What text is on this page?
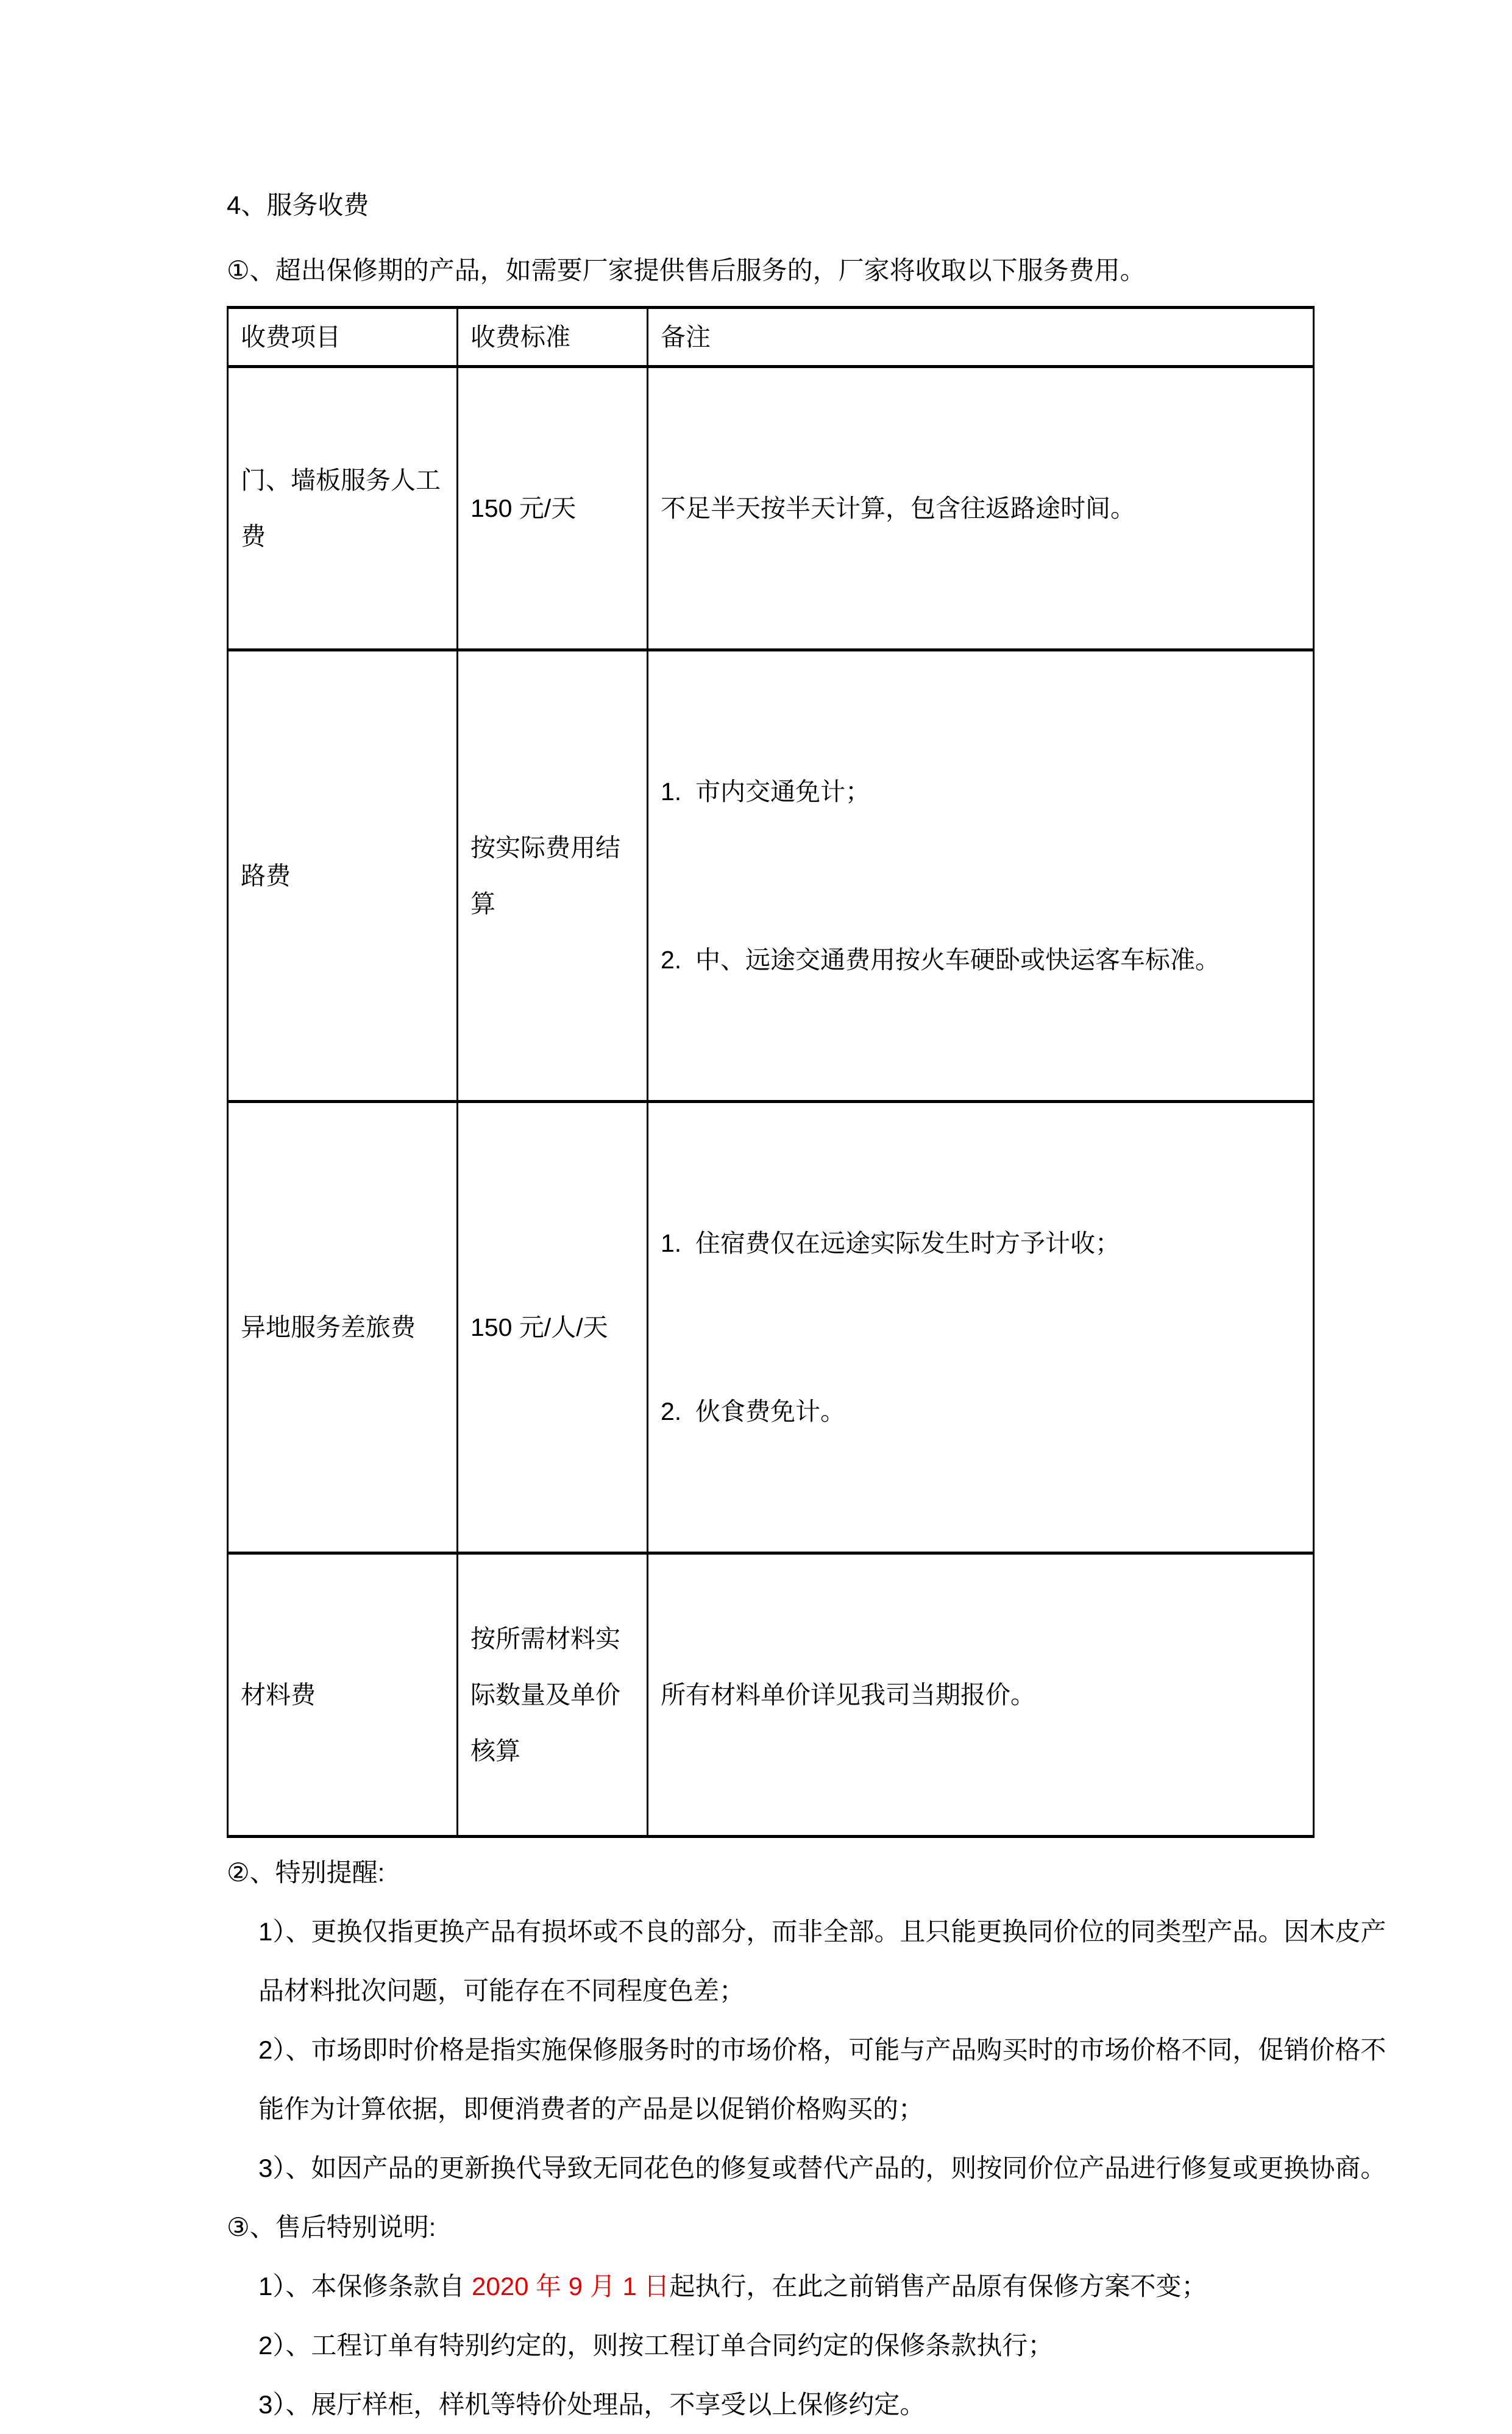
4、服务收费

①、超出保修期的产品，如需要厂家提供售后服务的，厂家将收取以下服务费用。

收费项目	收费标准	备注
门、墙板服务人工费	150 元/天	不足半天按半天计算，包含往返路途时间。

路费	按实际费用结算	1.  市内交通免计；

2.  中、远途交通费用按火车硬卧或快运客车标准。

异地服务差旅费	150 元/人/天	1.  住宿费仅在远途实际发生时方予计收；

2.  伙食费免计。

材料费	按所需材料实际数量及单价核算	所有材料单价详见我司当期报价。

②、特别提醒:

1）、更换仅指更换产品有损坏或不良的部分，而非全部。且只能更换同价位的同类型产品。因木皮产品材料批次问题，可能存在不同程度色差；

2）、市场即时价格是指实施保修服务时的市场价格，可能与产品购买时的市场价格不同，促销价格不能作为计算依据，即便消费者的产品是以促销价格购买的；

3）、如因产品的更新换代导致无同花色的修复或替代产品的，则按同价位产品进行修复或更换协商。

③、售后特别说明:

1）、本保修条款自 2020 年 9 月 1 日起执行，在此之前销售产品原有保修方案不变；

2）、工程订单有特别约定的，则按工程订单合同约定的保修条款执行；

3）、展厅样柜，样机等特价处理品，不享受以上保修约定。
